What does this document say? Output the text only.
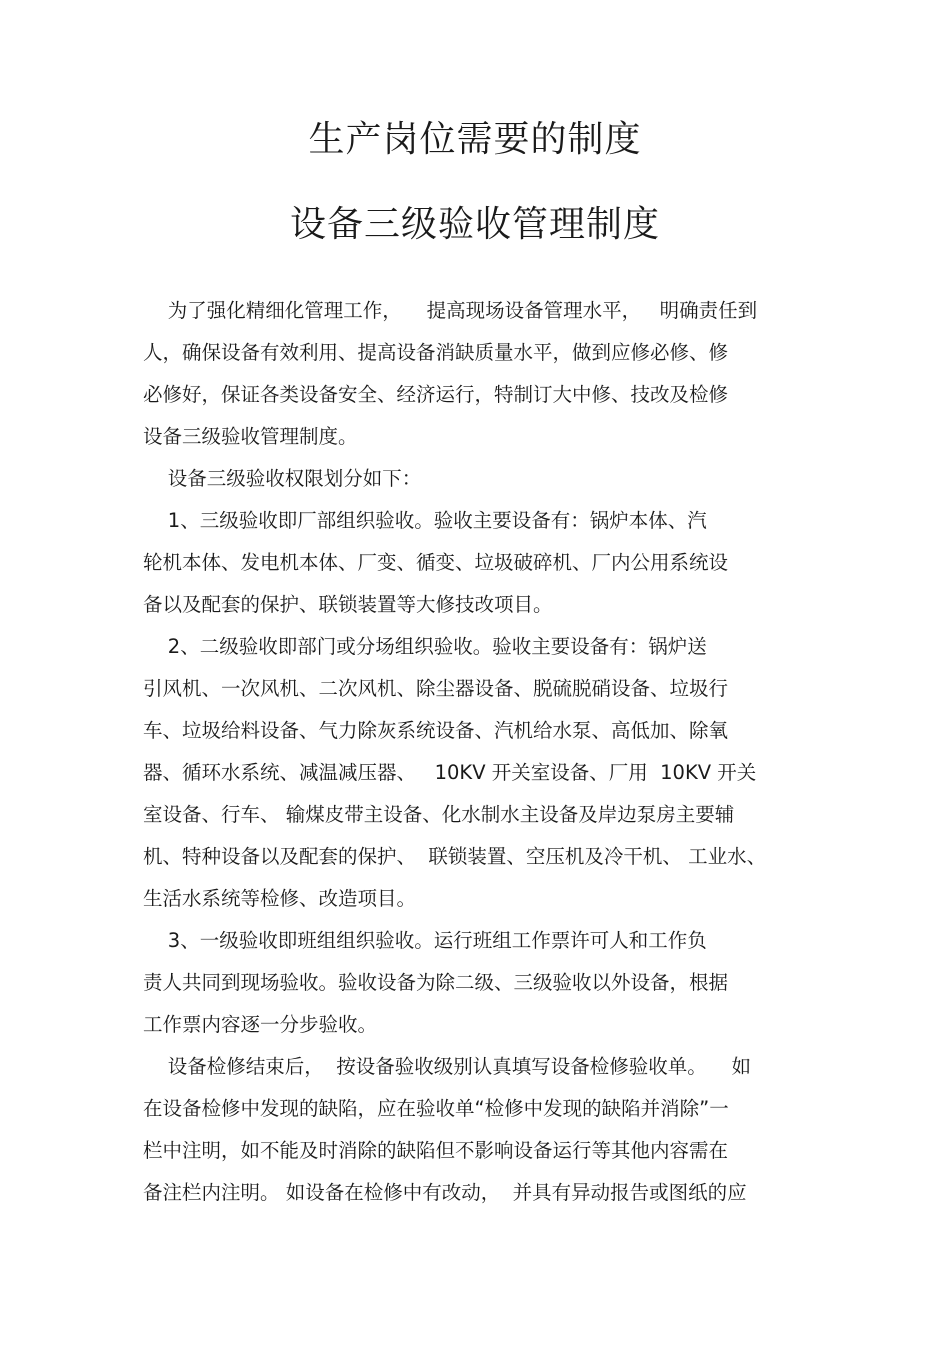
生产岗位需要的制度
设备三级验收管理制度
为了强化精细化管理工作，    提高现场设备管理水平，   明确责任到
人，确保设备有效利用、提高设备消缺质量水平，做到应修必修、修
必修好，保证各类设备安全、经济运行，特制订大中修、技改及检修
设备三级验收管理制度。
设备三级验收权限划分如下：
1、三级验收即厂部组织验收。验收主要设备有：锅炉本体、汽
轮机本体、发电机本体、厂变、循变、垃圾破碎机、厂内公用系统设
备以及配套的保护、联锁装置等大修技改项目。
2、二级验收即部门或分场组织验收。验收主要设备有：锅炉送
引风机、一次风机、二次风机、除尘器设备、脱硫脱硝设备、垃圾行
车、垃圾给料设备、气力除灰系统设备、汽机给水泵、高低加、除氧
器、循环水系统、减温减压器、   10KV 开关室设备、厂用  10KV 开关
室设备、行车、 输煤皮带主设备、化水制水主设备及岸边泵房主要辅
机、特种设备以及配套的保护、  联锁装置、空压机及冷干机、 工业水、
生活水系统等检修、改造项目。
3、一级验收即班组组织验收。运行班组工作票许可人和工作负
责人共同到现场验收。验收设备为除二级、三级验收以外设备，根据
工作票内容逐一分步验收。
设备检修结束后，  按设备验收级别认真填写设备检修验收单。    如
在设备检修中发现的缺陷，应在验收单“检修中发现的缺陷并消除”一
栏中注明，如不能及时消除的缺陷但不影响设备运行等其他内容需在
备注栏内注明。 如设备在检修中有改动，  并具有异动报告或图纸的应
